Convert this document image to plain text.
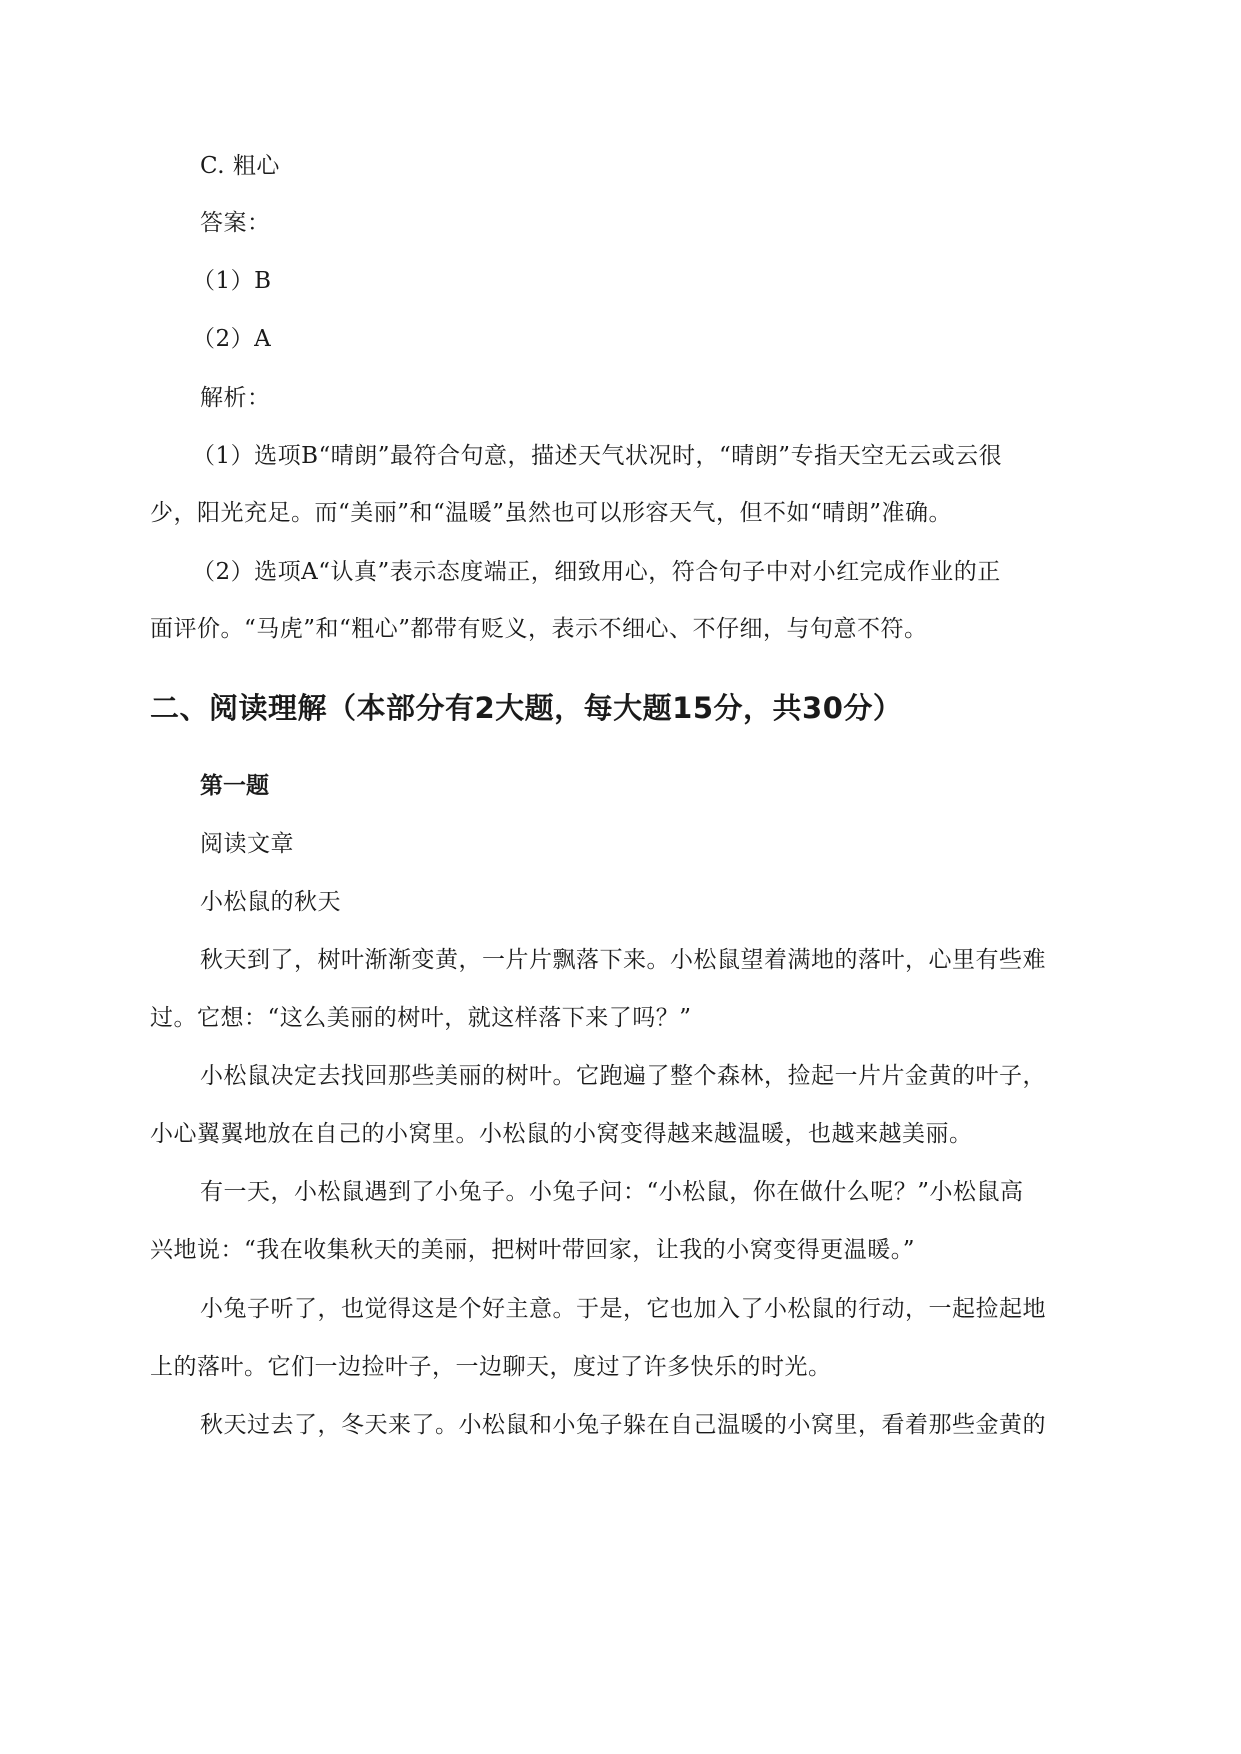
C. 粗心
答案：
（1）B
（2）A
解析：
（1）选项B“晴朗”最符合句意，描述天气状况时，“晴朗”专指天空无云或云很
少，阳光充足。而“美丽”和“温暖”虽然也可以形容天气，但不如“晴朗”准确。
（2）选项A“认真”表示态度端正，细致用心，符合句子中对小红完成作业的正
面评价。“马虎”和“粗心”都带有贬义，表示不细心、不仔细，与句意不符。
二、阅读理解（本部分有2大题，每大题15分，共30分）
第一题
阅读文章
小松鼠的秋天
秋天到了，树叶渐渐变黄，一片片飘落下来。小松鼠望着满地的落叶，心里有些难
过。它想：“这么美丽的树叶，就这样落下来了吗？”
小松鼠决定去找回那些美丽的树叶。它跑遍了整个森林，捡起一片片金黄的叶子，
小心翼翼地放在自己的小窝里。小松鼠的小窝变得越来越温暖，也越来越美丽。
有一天，小松鼠遇到了小兔子。小兔子问：“小松鼠，你在做什么呢？”小松鼠高
兴地说：“我在收集秋天的美丽，把树叶带回家，让我的小窝变得更温暖。”
小兔子听了，也觉得这是个好主意。于是，它也加入了小松鼠的行动，一起捡起地
上的落叶。它们一边捡叶子，一边聊天，度过了许多快乐的时光。
秋天过去了，冬天来了。小松鼠和小兔子躲在自己温暖的小窝里，看着那些金黄的
